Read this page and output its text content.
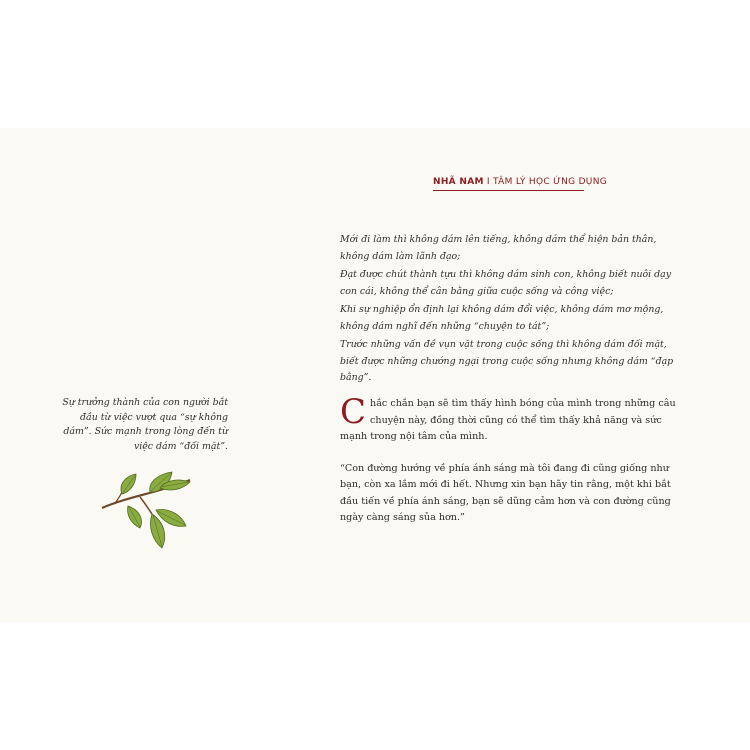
NHÃ NAM I TÂM LÝ HỌC ỨNG DỤNG

Mới đi làm thì không dám lên tiếng, không dám thể hiện bản thân, không dám làm lãnh đạo;

Đạt được chút thành tựu thì không dám sinh con, không biết nuôi dạy con cái, không thể cân bằng giữa cuộc sống và công việc;

Khi sự nghiệp ổn định lại không dám đổi việc, không dám mơ mộng, không dám nghĩ đến những “chuyện to tát”;

Trước những vấn đề vụn vặt trong cuộc sống thì không dám đối mặt, biết được những chướng ngại trong cuộc sống nhưng không dám “đạp bằng”.

Sự trưởng thành của con người bắt đầu từ việc vượt qua “sự không dám”. Sức mạnh trong lòng đến từ việc dám “đối mặt”.

Chắc chắn bạn sẽ tìm thấy hình bóng của mình trong những câu chuyện này, đồng thời cũng có thể tìm thấy khả năng và sức mạnh trong nội tâm của mình.

“Con đường hướng về phía ánh sáng mà tôi đang đi cũng giống như bạn, còn xa lắm mới đi hết. Nhưng xin bạn hãy tin rằng, một khi bắt đầu tiến về phía ánh sáng, bạn sẽ dũng cảm hơn và con đường cũng ngày càng sáng sủa hơn.”
